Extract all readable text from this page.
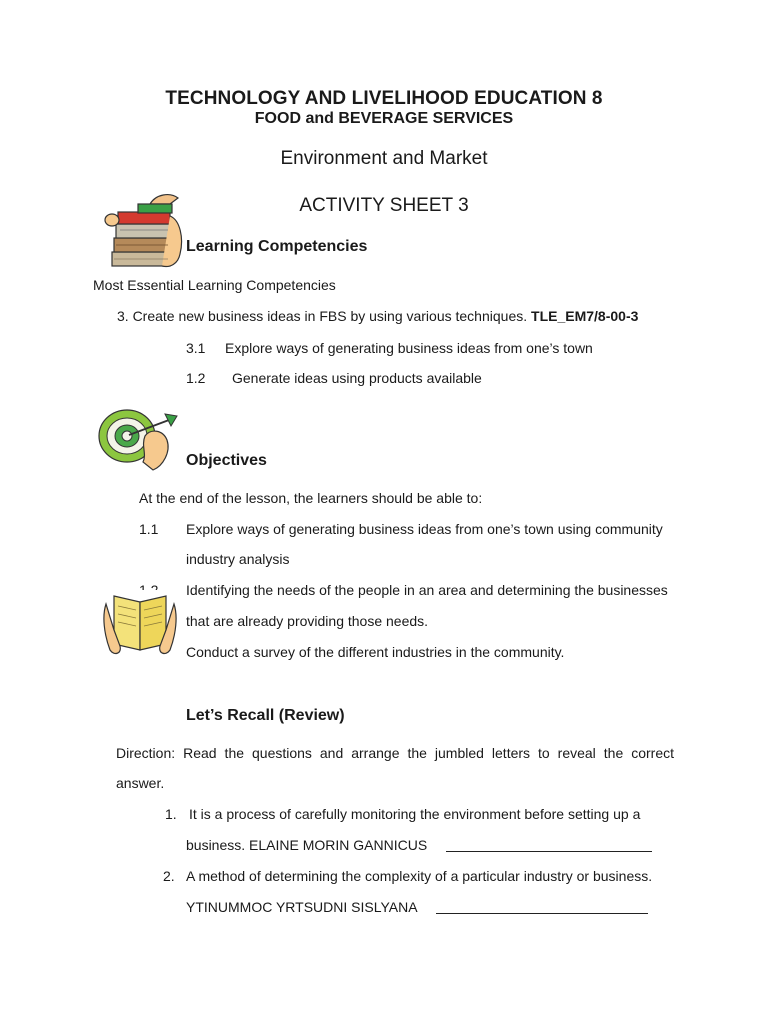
TECHNOLOGY AND LIVELIHOOD EDUCATION 8
FOOD and BEVERAGE SERVICES
Environment and Market
ACTIVITY SHEET 3
Learning Competencies
Most Essential Learning Competencies
3. Create new business ideas in FBS by using various techniques. TLE_EM7/8-00-3
3.1 Explore ways of generating business ideas from one’s town
1.2 Generate ideas using products available
Objectives
At the end of the lesson, the learners should be able to:
1.1 Explore ways of generating business ideas from one’s town using community
industry analysis
Identifying the needs of the people in an area and determining the businesses
that are already providing those needs.
Conduct a survey of the different industries in the community.
Let’s Recall (Review)
Direction: Read the questions and arrange the jumbled letters to reveal the correct
answer.
1. It is a process of carefully monitoring the environment before setting up a
business. ELAINE MORIN GANNICUS
2. A method of determining the complexity of a particular industry or business.
YTINUMMOC YRTSUDNI SISLYANA
